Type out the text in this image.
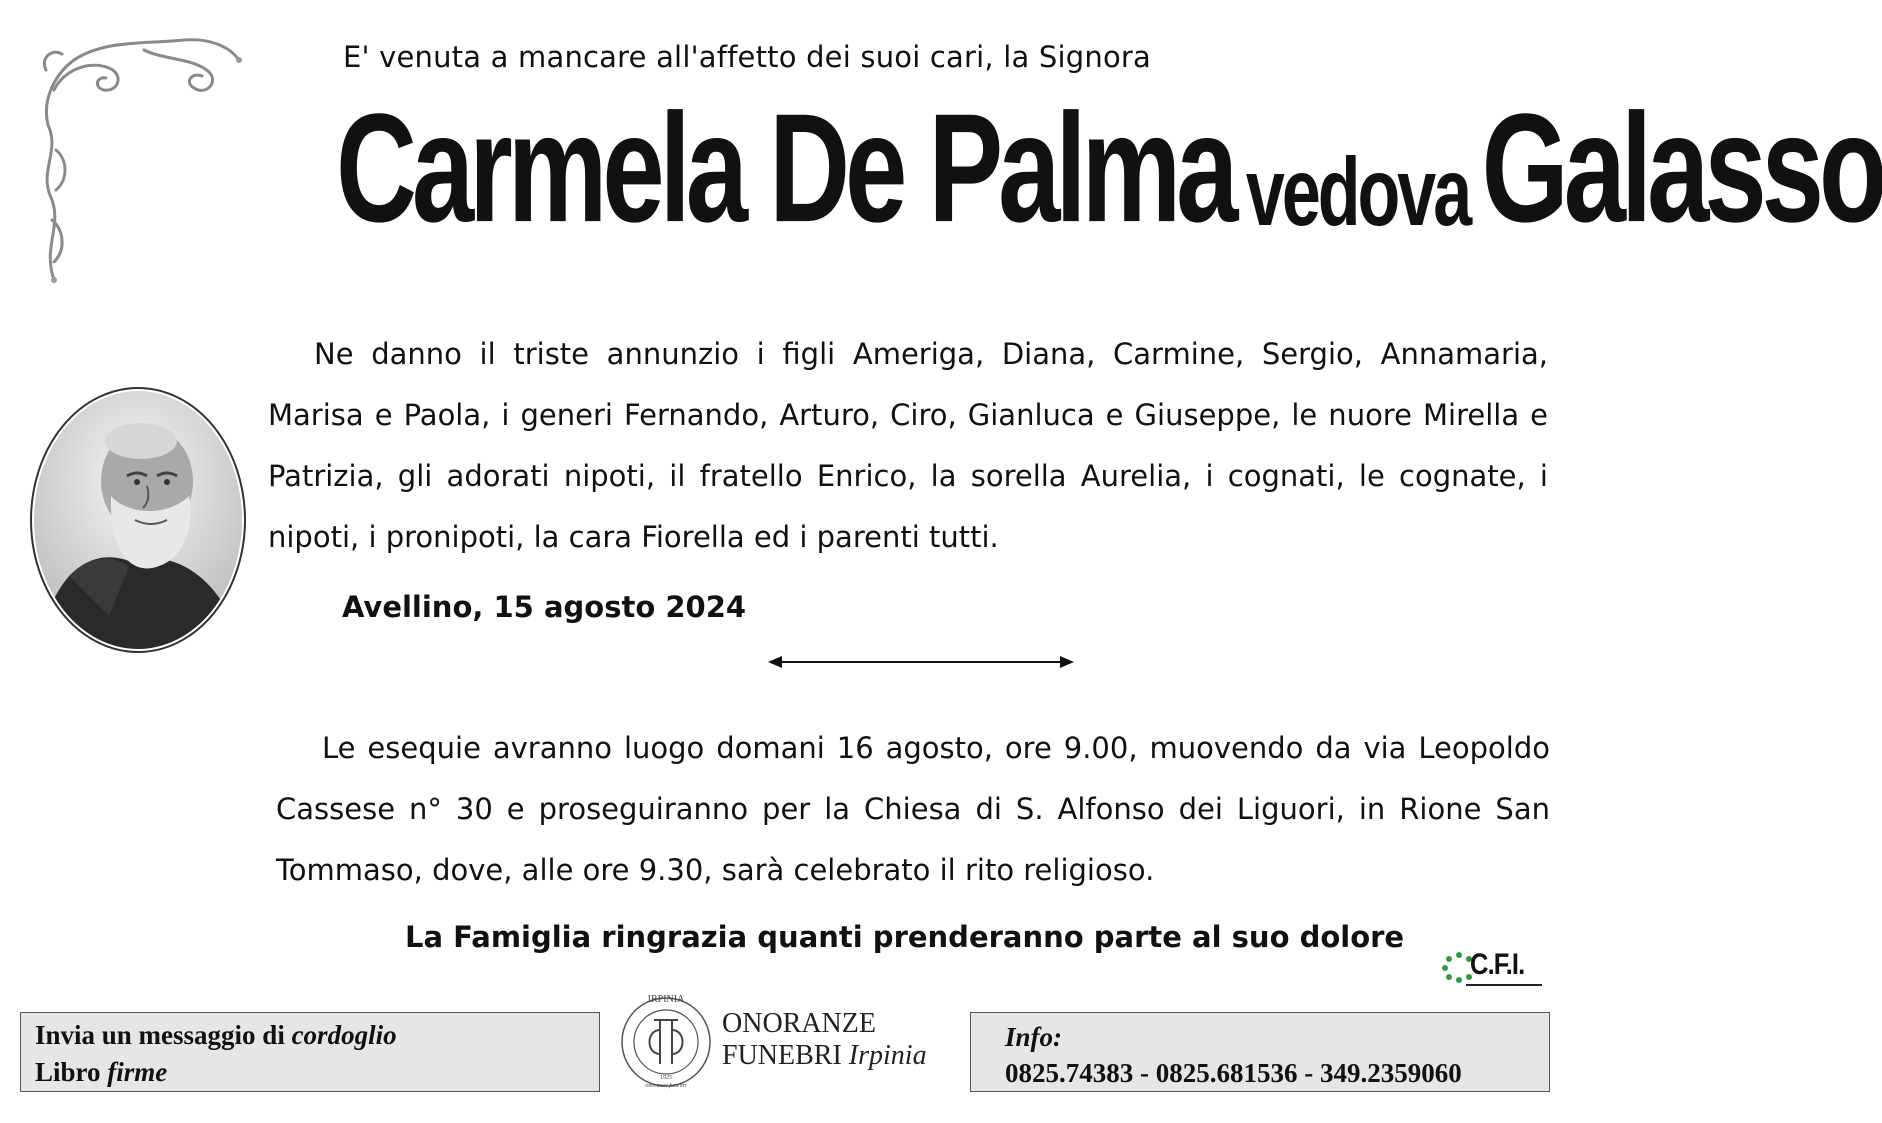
E' venuta a mancare all'affetto dei suoi cari, la Signora
Carmela De Palma vedova Galasso
Ne danno il triste annunzio i figli Ameriga, Diana, Carmine, Sergio, Annamaria, Marisa e Paola, i generi Fernando, Arturo, Ciro, Gianluca e Giuseppe, le nuore Mirella e Patrizia, gli adorati nipoti, il fratello Enrico, la sorella Aurelia, i cognati, le cognate, i nipoti, i pronipoti, la cara Fiorella ed i parenti tutti.
Avellino, 15 agosto 2024
Le esequie avranno luogo domani 16 agosto, ore 9.00, muovendo da via Leopoldo Cassese n° 30 e proseguiranno per la Chiesa di S. Alfonso dei Liguori, in Rione San Tommaso, dove, alle ore 9.30, sarà celebrato il rito religioso.
La Famiglia ringrazia quanti prenderanno parte al suo dolore
C.F.I.
Invia un messaggio di cordoglio
Libro firme
IRPINIA
1925
onoranze funebri
ONORANZE
FUNEBRI Irpinia
Info:
0825.74383 - 0825.681536 - 349.2359060
